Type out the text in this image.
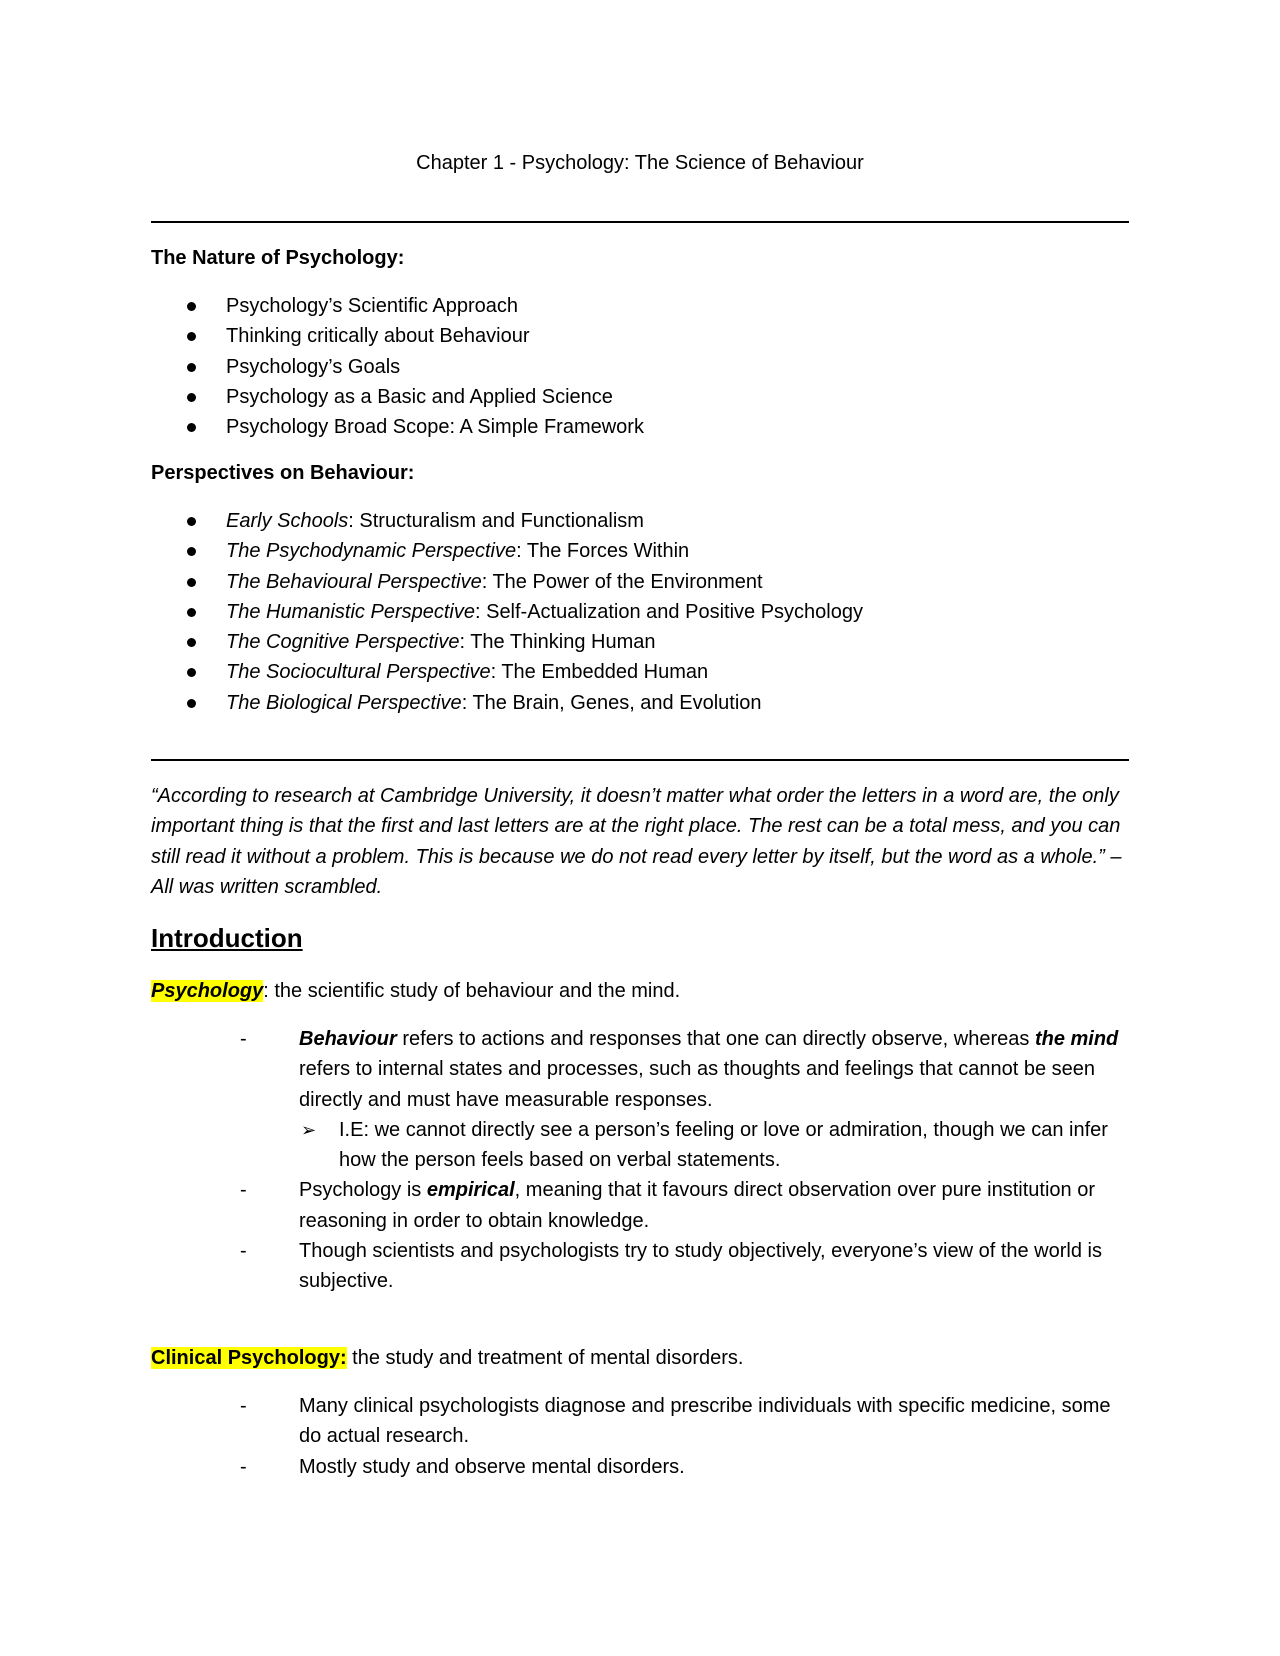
Chapter 1 - Psychology: The Science of Behaviour
The Nature of Psychology:
Psychology’s Scientific Approach
Thinking critically about Behaviour
Psychology’s Goals
Psychology as a Basic and Applied Science
Psychology Broad Scope: A Simple Framework
Perspectives on Behaviour:
Early Schools: Structuralism and Functionalism
The Psychodynamic Perspective: The Forces Within
The Behavioural Perspective: The Power of the Environment
The Humanistic Perspective: Self-Actualization and Positive Psychology
The Cognitive Perspective: The Thinking Human
The Sociocultural Perspective: The Embedded Human
The Biological Perspective: The Brain, Genes, and Evolution
“According to research at Cambridge University, it doesn’t matter what order the letters in a word are, the only important thing is that the first and last letters are at the right place. The rest can be a total mess, and you can still read it without a problem. This is because we do not read every letter by itself, but the word as a whole.” – All was written scrambled.
Introduction
Psychology: the scientific study of behaviour and the mind.
-	Behaviour refers to actions and responses that one can directly observe, whereas the mind refers to internal states and processes, such as thoughts and feelings that cannot be seen directly and must have measurable responses.
➢ I.E: we cannot directly see a person’s feeling or love or admiration, though we can infer how the person feels based on verbal statements.
-	Psychology is empirical, meaning that it favours direct observation over pure institution or reasoning in order to obtain knowledge.
-	Though scientists and psychologists try to study objectively, everyone’s view of the world is subjective.
Clinical Psychology: the study and treatment of mental disorders.
-	Many clinical psychologists diagnose and prescribe individuals with specific medicine, some do actual research.
-	Mostly study and observe mental disorders.
